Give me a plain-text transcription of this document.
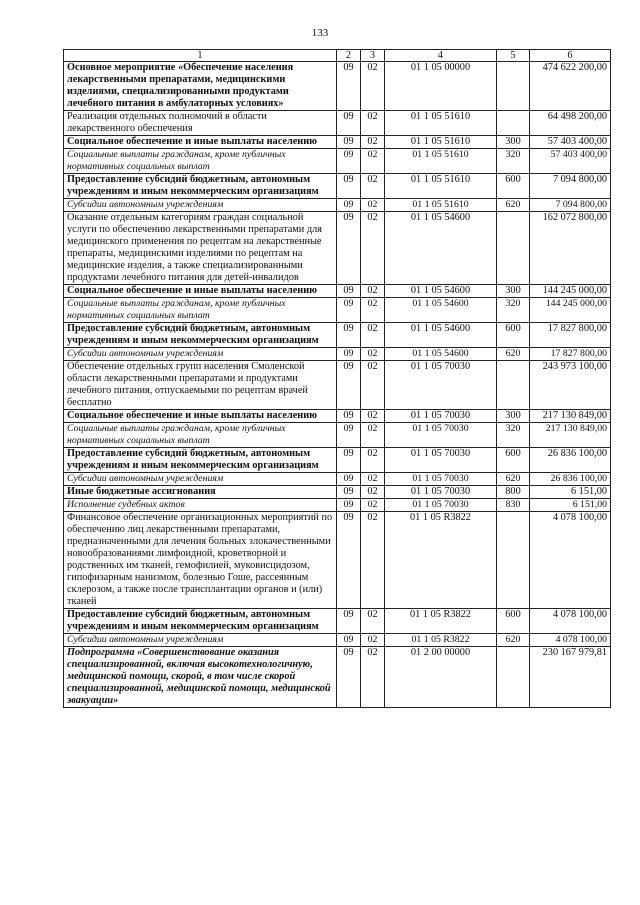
133
1	2	3	4	5	6
Основное мероприятие «Обеспечение населения лекарственными препаратами, медицинскими изделиями, специализированными продуктами лечебного питания в амбулаторных условиях»	09	02	01 1 05 00000		474 622 200,00
Реализация отдельных полномочий в области лекарственного обеспечения	09	02	01 1 05 51610		64 498 200,00
Социальное обеспечение и иные выплаты населению	09	02	01 1 05 51610	300	57 403 400,00
Социальные выплаты гражданам, кроме публичных нормативных социальных выплат	09	02	01 1 05 51610	320	57 403 400,00
Предоставление субсидий бюджетным, автономным учреждениям и иным некоммерческим организациям	09	02	01 1 05 51610	600	7 094 800,00
Субсидии автономным учреждениям	09	02	01 1 05 51610	620	7 094 800,00
Оказание отдельным категориям граждан социальной услуги по обеспечению лекарственными препаратами для медицинского применения по рецептам на лекарственные препараты, медицинскими изделиями по рецептам на медицинские изделия, а также специализированными продуктами лечебного питания для детей-инвалидов	09	02	01 1 05 54600		162 072 800,00
Социальное обеспечение и иные выплаты населению	09	02	01 1 05 54600	300	144 245 000,00
Социальные выплаты гражданам, кроме публичных нормативных социальных выплат	09	02	01 1 05 54600	320	144 245 000,00
Предоставление субсидий бюджетным, автономным учреждениям и иным некоммерческим организациям	09	02	01 1 05 54600	600	17 827 800,00
Субсидии автономным учреждениям	09	02	01 1 05 54600	620	17 827 800,00
Обеспечение отдельных групп населения Смоленской области лекарственными препаратами и продуктами лечебного питания, отпускаемыми по рецептам врачей бесплатно	09	02	01 1 05 70030		243 973 100,00
Социальное обеспечение и иные выплаты населению	09	02	01 1 05 70030	300	217 130 849,00
Социальные выплаты гражданам, кроме публичных нормативных социальных выплат	09	02	01 1 05 70030	320	217 130 849,00
Предоставление субсидий бюджетным, автономным учреждениям и иным некоммерческим организациям	09	02	01 1 05 70030	600	26 836 100,00
Субсидии автономным учреждениям	09	02	01 1 05 70030	620	26 836 100,00
Иные бюджетные ассигнования	09	02	01 1 05 70030	800	6 151,00
Исполнение судебных актов	09	02	01 1 05 70030	830	6 151,00
Финансовое обеспечение организационных мероприятий по обеспечению лиц лекарственными препаратами, предназначенными для лечения больных злокачественными новообразованиями лимфоидной, кроветворной и родственных им тканей, гемофилией, муковисцидозом, гипофизарным нанизмом, болезнью Гоше, рассеянным склерозом, а также после трансплантации органов и (или) тканей	09	02	01 1 05 R3822		4 078 100,00
Предоставление субсидий бюджетным, автономным учреждениям и иным некоммерческим организациям	09	02	01 1 05 R3822	600	4 078 100,00
Субсидии автономным учреждениям	09	02	01 1 05 R3822	620	4 078 100,00
Подпрограмма «Совершенствование оказания специализированной, включая высокотехнологичную, медицинской помощи, скорой, в том числе скорой специализированной, медицинской помощи, медицинской эвакуации»	09	02	01 2 00 00000		230 167 979,81
